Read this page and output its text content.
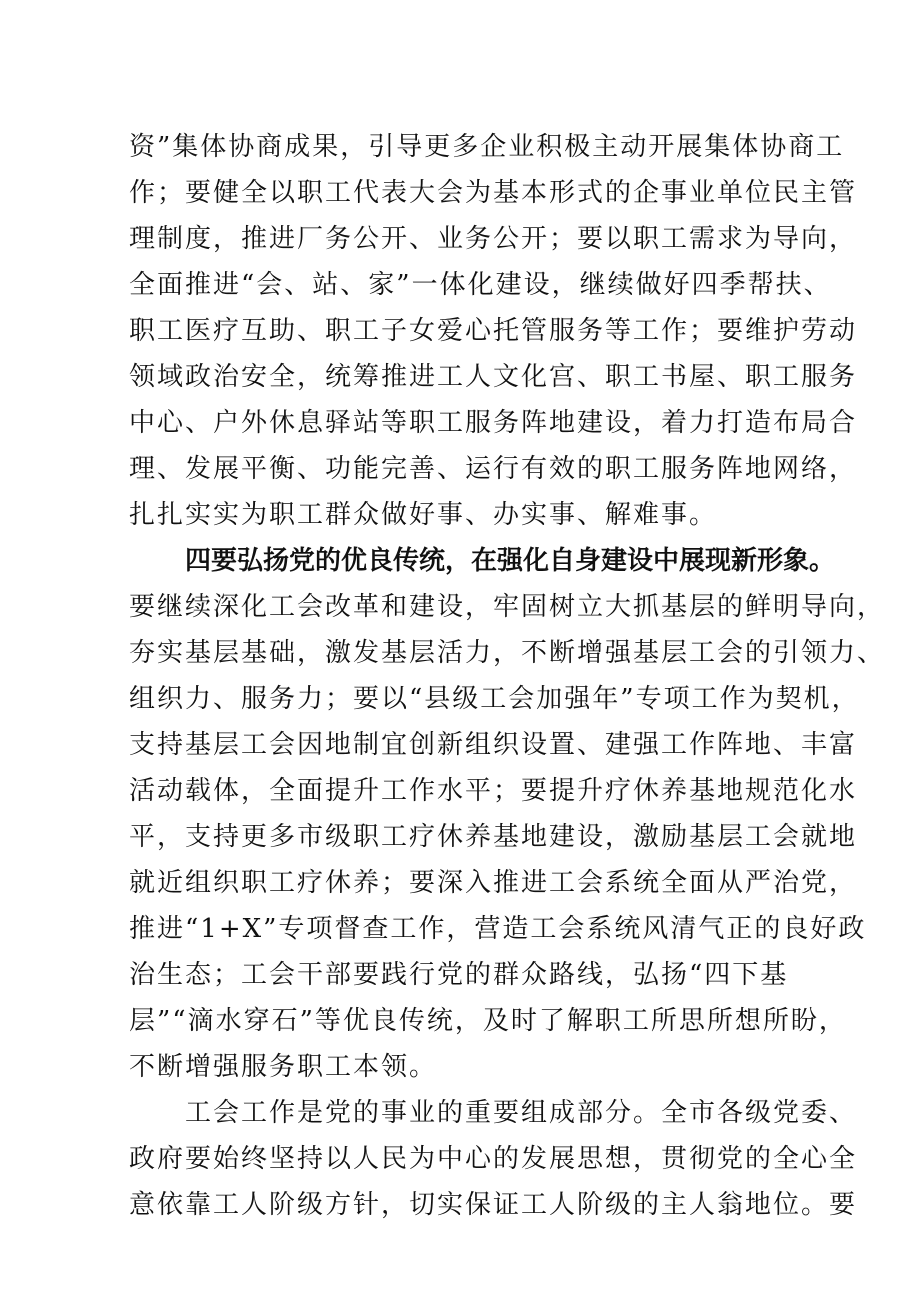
资”集体协商成果，引导更多企业积极主动开展集体协商工
作；要健全以职工代表大会为基本形式的企事业单位民主管
理制度，推进厂务公开、业务公开；要以职工需求为导向，
全面推进“会、站、家”一体化建设，继续做好四季帮扶、
职工医疗互助、职工子女爱心托管服务等工作；要维护劳动
领域政治安全，统筹推进工人文化宫、职工书屋、职工服务
中心、户外休息驿站等职工服务阵地建设，着力打造布局合
理、发展平衡、功能完善、运行有效的职工服务阵地网络，
扎扎实实为职工群众做好事、办实事、解难事。
四要弘扬党的优良传统，在强化自身建设中展现新形象。
要继续深化工会改革和建设，牢固树立大抓基层的鲜明导向，
夯实基层基础，激发基层活力，不断增强基层工会的引领力、
组织力、服务力；要以“县级工会加强年”专项工作为契机，
支持基层工会因地制宜创新组织设置、建强工作阵地、丰富
活动载体，全面提升工作水平；要提升疗休养基地规范化水
平，支持更多市级职工疗休养基地建设，激励基层工会就地
就近组织职工疗休养；要深入推进工会系统全面从严治党，
推进“1+X”专项督查工作，营造工会系统风清气正的良好政
治生态；工会干部要践行党的群众路线，弘扬“四下基
层”“滴水穿石”等优良传统，及时了解职工所思所想所盼，
不断增强服务职工本领。
工会工作是党的事业的重要组成部分。全市各级党委、
政府要始终坚持以人民为中心的发展思想，贯彻党的全心全
意依靠工人阶级方针，切实保证工人阶级的主人翁地位。要
